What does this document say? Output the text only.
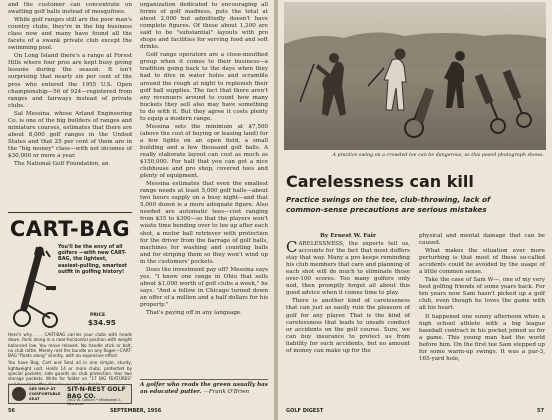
and the customer can concentrate on swatting golf balls instead of mosquitoes.

While golf ranges still are the poor man's country clubs, they're in the big business class now and many have found all the facets of a swank private club except the swimming pool.

On Long Island there's a range at Forest Hills where four pros are kept busy giving lessons during the season. It isn't surprising that nearly six per cent of the pros who entered the 1955 U.S. Open championship—56 of 924—registered from ranges and fairways instead of private clubs.

Sal Messina, whose Arland Engineering Co. is one of the big builders of ranges and miniature courses, estimates that there are about 8,000 golf ranges in the United States and that 25 per cent of them are in the "big money" class—with net incomes of $30,000 or more a year.

The National Golf Foundation, an

CART-BAG
You'll be the envy of all golfers —with new CART-BAG, the lightest, easiest-pulling, smartest outfit in golfing history!
PRICE
$34.95

Here's why . . . CART-BAG carries your clubs with heads down. Rolls along in a near-horizontal position with weight balanced low. You move relaxed. No handle stick or bolt, no club rattle. Merely rest the bundle on any Roger—CART-BAG "floats along" silently, with an expensive effect.

You have Bag, Cart and Seat all in one simple, sturdy, lightweight unit. Holds 14 or more clubs, protected by special pockets; side guards on club protection. Has two storage pockets. Write for folder on "17 BIG FEATURES"

SEE HELP AT COMFORTABLE SEAT
SIT-N-REST GOLF BAG CO.
2402 W. Colburn • Milwaukee 2, Wisconsin

organization dedicated to encouraging all forms of golf madness, puts the total at about 2,000 but admittedly doesn't have complete figures. Of these about 1,200 are said to be "substantial" layouts with pro shops and facilities for serving food and soft drinks.

Golf range operators are a close-mouthed group when it comes to their business—a tradition going back to the days when they had to dive in water holes and scramble around the rough at night to replenish their golf ball supplies. The fact that there aren't any revenuers around to count how many buckets they sell also may have something to do with it. But they agree it costs plenty to equip a modern range.

Messina sets the minimum at $7,500 (above the cost of buying or leasing land) for a few lights on an open field, a small building and a few thousand golf balls. A really elaborate layout can cost as much as $150,000. For half that you can get a nice clubhouse and pro shop, covered tees and plenty of equipment.

Messina estimates that even the smallest range needs at least 5,000 golf balls—about two hours supply on a busy night—and that 5,000 dozen is a more adequate figure. Also needed are automatic tees—cost ranging from $35 to $300—so that the players won't waste time bending over to tee up after each shot, a motor ball retriever with protection for the driver from the barrage of golf balls, machines for washing and counting balls and for striping them so they won't wind up in the customers' pockets.

Does the investment pay off? Messina says yes. "I know one range in Ohio that sells about $1,000 worth of golf clubs a week," he says. "And a fellow in Chicago turned down an offer of a million and a half dollars for his property."

That's paying off in any language.

A golfer who reads the green usually has an educated putter. —Frank O'Brien
56	SEPTEMBER, 1956
A practice swing on a crowded tee can be dangerous, as this posed photograph shows.
Carelessness can kill
Practice swings on the tee, club-throwing, lack of common-sense precautions are serious mistakes

By Ernest W. Fair

CARELESSNESS, the experts tell us, accounts for the fact that most duffers stay that way. Many a pro keeps reminding his club members that care and planning of each shot will do much to eliminate those over-100 scores. Too many golfers only nod, then promptly forget all about this good advice when it comes time to play.

There is another kind of carelessness that can just as easily ruin the pleasure of golf for any player. That is the kind of carelessness that leads to unsafe conduct or accidents on the golf course. Sure, we can buy insurance to protect us from liability for such accidents, but no amount of money can make up for the

physical and mental damage that can be caused.

What makes the situation ever more perturbing is that most of these so-called accidents could be avoided by the usage of a little common sense.

Take the case of Sam W—, one of my very best golfing friends of some years back. For ten years now Sam hasn't picked up a golf club, even though he loves the game with all his heart.

It happened one sunny afternoon when a high school athlete with a big league baseball contract in his pocket joined us for a game. This young man had the world before him. On the first tee Sam stepped up for some warm-up swings. It was a par-3, 165-yard hole,

GOLF DIGEST	57
